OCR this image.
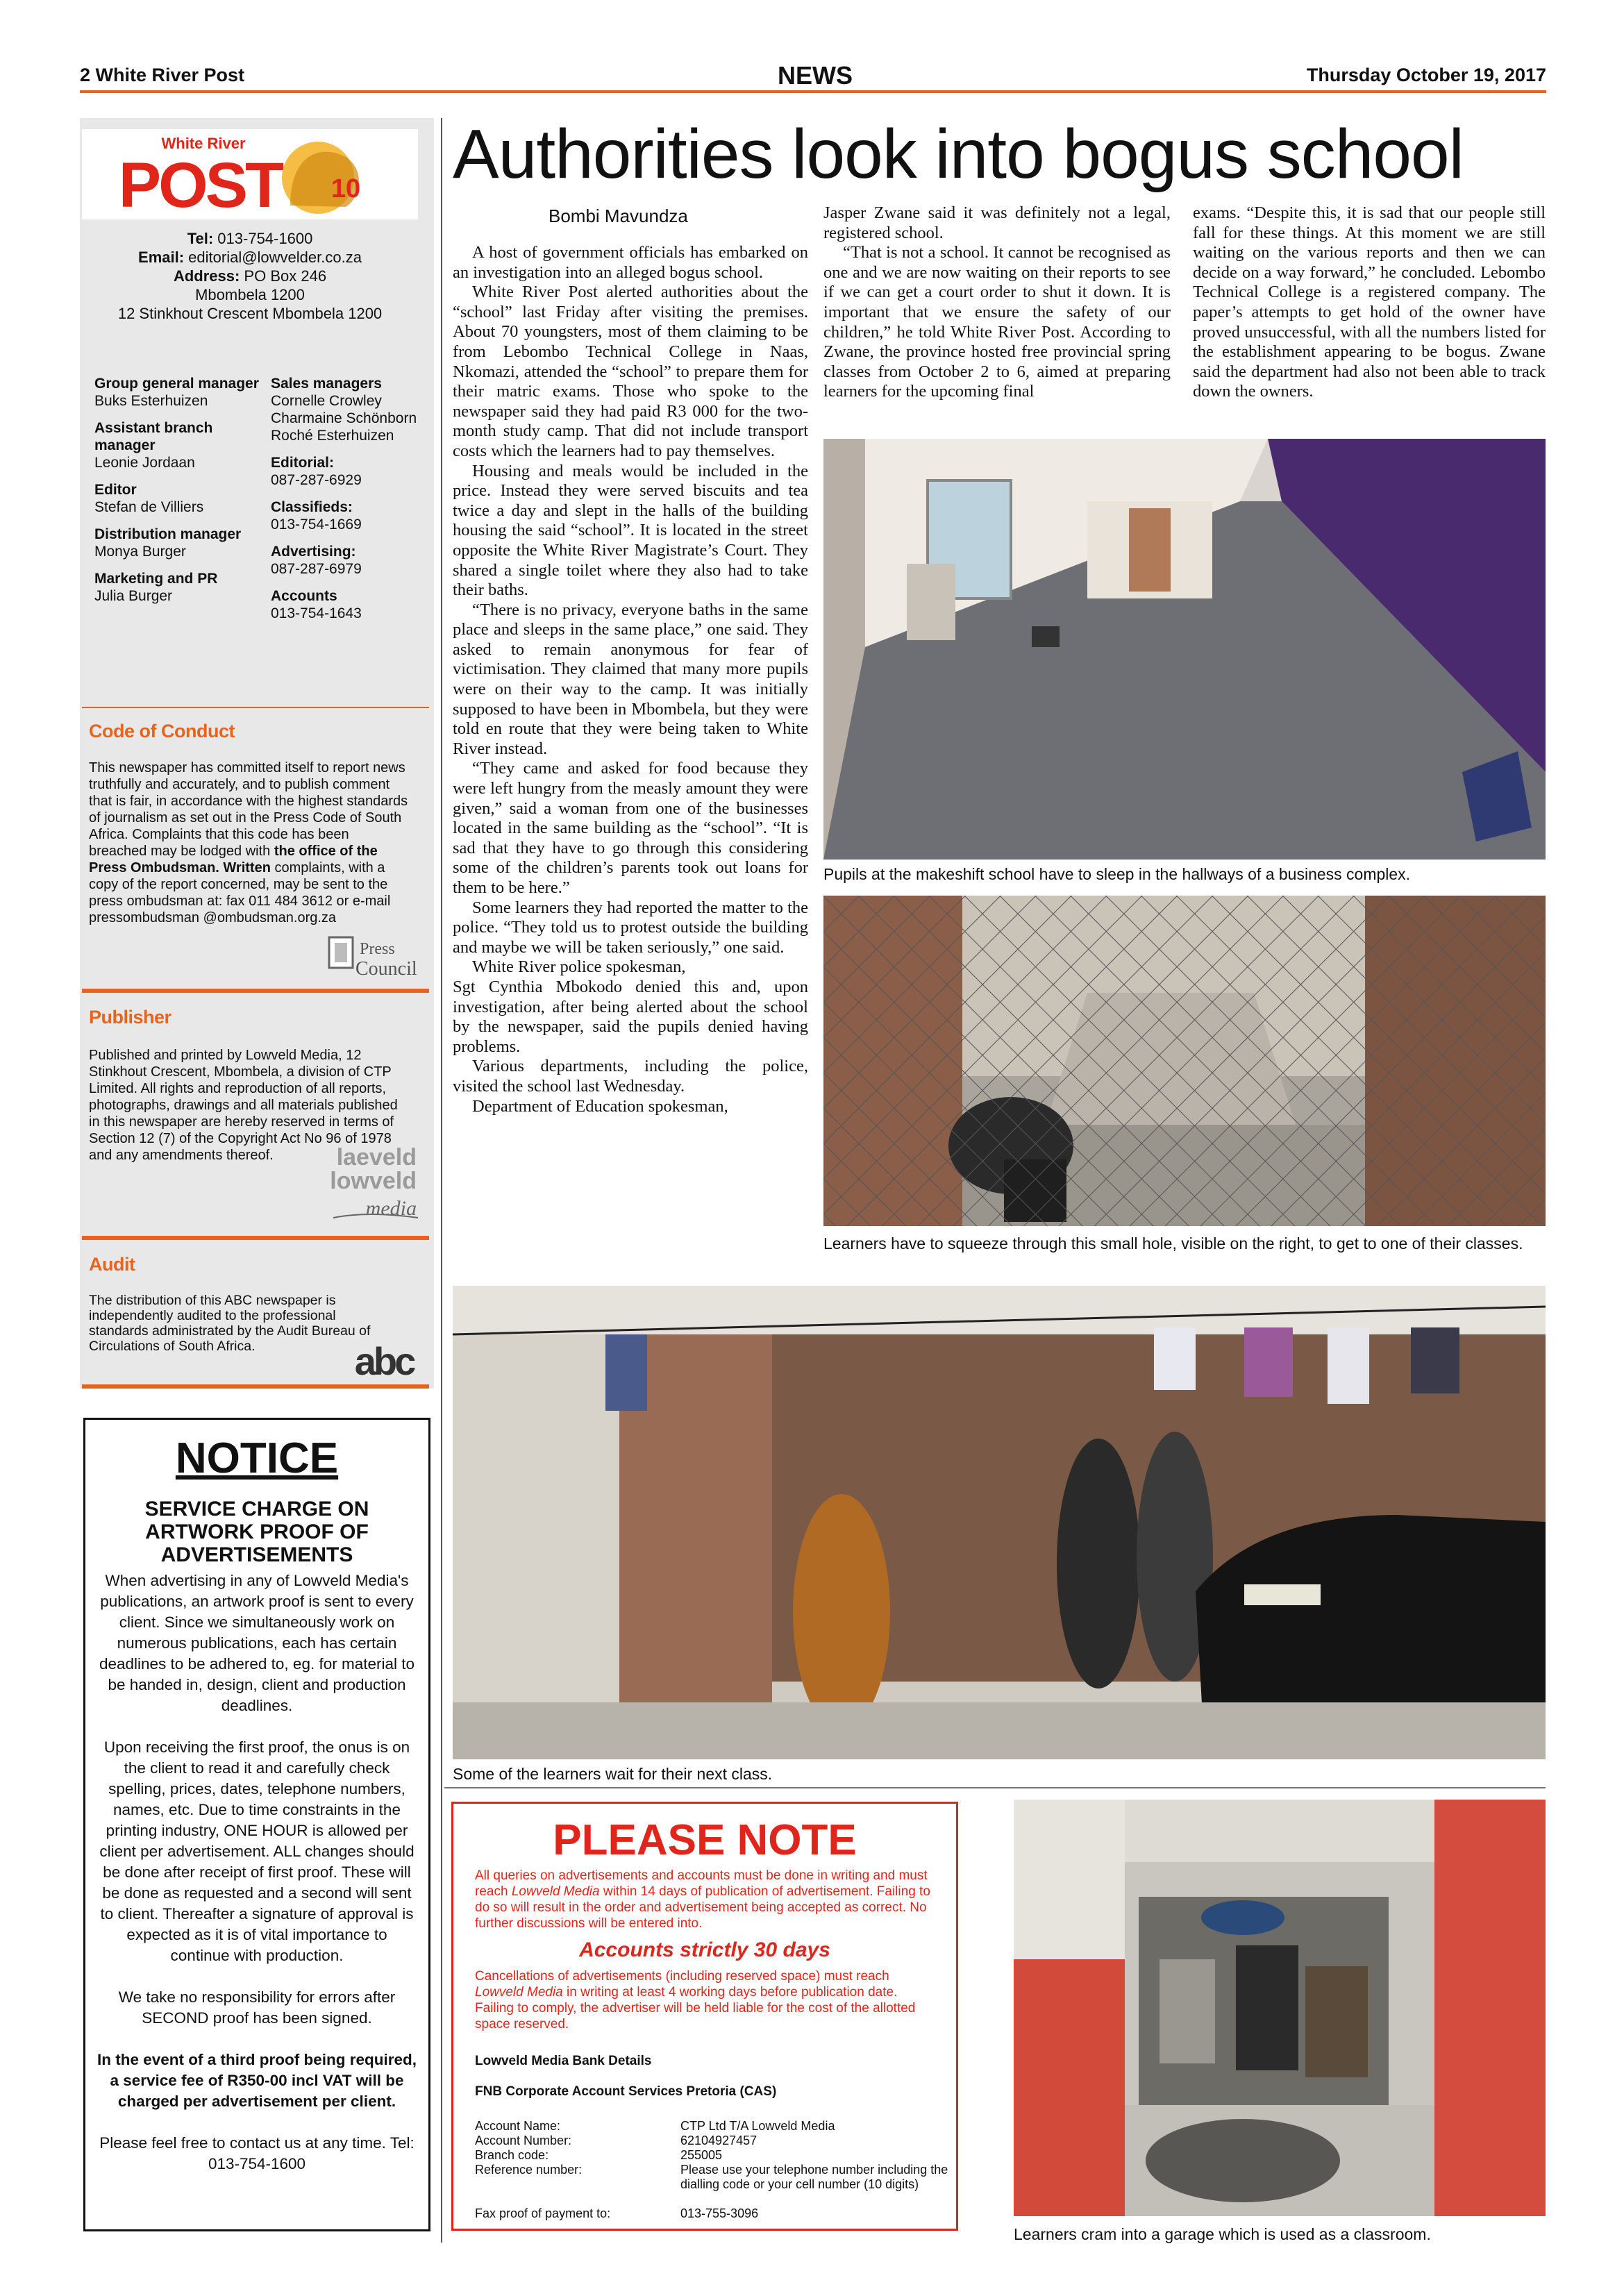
2 White River Post	NEWS	Thursday October 19, 2017
White River
POST 10
Tel: 013-754-1600
Email: editorial@lowvelder.co.za
Address: PO Box 246
Mbombela 1200
12 Stinkhout Crescent Mbombela 1200
Group general manager
Buks Esterhuizen
Assistant branch manager
Leonie Jordaan
Editor
Stefan de Villiers
Distribution manager
Monya Burger
Marketing and PR
Julia Burger
Sales managers
Cornelle Crowley
Charmaine Schönborn
Roché Esterhuizen
Editorial:
087-287-6929
Classifieds:
013-754-1669
Advertising:
087-287-6979
Accounts
013-754-1643
Code of Conduct
This newspaper has committed itself to report news truthfully and accurately, and to publish comment that is fair, in accordance with the highest standards of journalism as set out in the Press Code of South Africa. Complaints that this code has been breached may be lodged with the office of the Press Ombudsman. Written complaints, with a copy of the report concerned, may be sent to the press ombudsman at: fax 011 484 3612 or e-mail pressombudsman @ombudsman.org.za
Press
Council
Publisher
Published and printed by Lowveld Media, 12 Stinkhout Crescent, Mbombela, a division of CTP Limited. All rights and reproduction of all reports, photographs, drawings and all materials published in this newspaper are hereby reserved in terms of Section 12 (7) of the Copyright Act No 96 of 1978 and any amendments thereof.	laeveld
lowveld
media
Audit
The distribution of this ABC newspaper is independently audited to the professional standards administrated by the Audit Bureau of Circulations of South Africa.	abc
NOTICE
SERVICE CHARGE ON ARTWORK PROOF OF ADVERTISEMENTS

When advertising in any of Lowveld Media's publications, an artwork proof is sent to every client. Since we simultaneously work on numerous publications, each has certain deadlines to be adhered to, eg. for material to be handed in, design, client and production deadlines.

Upon receiving the first proof, the onus is on the client to read it and carefully check spelling, prices, dates, telephone numbers, names, etc. Due to time constraints in the printing industry, ONE HOUR is allowed per client per advertisement. ALL changes should be done after receipt of first proof. These will be done as requested and a second will sent to client. Thereafter a signature of approval is expected as it is of vital importance to continue with production.

We take no responsibility for errors after SECOND proof has been signed.

In the event of a third proof being required, a service fee of R350-00 incl VAT will be charged per advertisement per client.

Please feel free to contact us at any time. Tel: 013-754-1600

Authorities look into bogus school
Bombi Mavundza

A host of government officials has embarked on an investigation into an alleged bogus school.

White River Post alerted authorities about the “school” last Friday after visiting the premises. About 70 youngsters, most of them claiming to be from Lebombo Technical College in Naas, Nkomazi, attended the “school” to prepare them for their matric exams. Those who spoke to the newspaper said they had paid R3 000 for the two-month study camp. That did not include transport costs which the learners had to pay themselves.

Housing and meals would be included in the price. Instead they were served biscuits and tea twice a day and slept in the halls of the building housing the said “school”. It is located in the street opposite the White River Magistrate’s Court. They shared a single toilet where they also had to take their baths.

“There is no privacy, everyone baths in the same place and sleeps in the same place,” one said. They asked to remain anonymous for fear of victimisation. They claimed that many more pupils were on their way to the camp. It was initially supposed to have been in Mbombela, but they were told en route that they were being taken to White River instead.

“They came and asked for food because they were left hungry from the measly amount they were given,” said a woman from one of the businesses located in the same building as the “school”. “It is sad that they have to go through this considering some of the children’s parents took out loans for them to be here.”

Some learners they had reported the matter to the police. “They told us to protest outside the building and maybe we will be taken seriously,” one said.

White River police spokesman,

Sgt Cynthia Mbokodo denied this and, upon investigation, after being alerted about the school by the newspaper, said the pupils denied having problems.

Various departments, including the police, visited the school last Wednesday.

Department of Education spokesman,

Jasper Zwane said it was definitely not a legal, registered school.

“That is not a school. It cannot be recognised as one and we are now waiting on their reports to see if we can get a court order to shut it down. It is important that we ensure the safety of our children,” he told White River Post. According to Zwane, the province hosted free provincial spring classes from October 2 to 6, aimed at preparing learners for the upcoming final

exams. “Despite this, it is sad that our people still fall for these things. At this moment we are still waiting on the various reports and then we can decide on a way forward,” he concluded. Lebombo Technical College is a registered company. The paper’s attempts to get hold of the owner have proved unsuccessful, with all the numbers listed for the establishment appearing to be bogus. Zwane said the department had also not been able to track down the owners.

Pupils at the makeshift school have to sleep in the hallways of a business complex.
Learners have to squeeze through this small hole, visible on the right, to get to one of their classes.
Some of the learners wait for their next class.
PLEASE NOTE
All queries on advertisements and accounts must be done in writing and must reach Lowveld Media within 14 days of publication of advertisement. Failing to do so will result in the order and advertisement being accepted as correct. No further discussions will be entered into.
Accounts strictly 30 days
Cancellations of advertisements (including reserved space) must reach Lowveld Media in writing at least 4 working days before publication date. Failing to comply, the advertiser will be held liable for the cost of the allotted space reserved.
Lowveld Media Bank Details
FNB Corporate Account Services Pretoria (CAS)
Account Name:	CTP Ltd T/A Lowveld Media
Account Number:	62104927457
Branch code:	255005
Reference number:	Please use your telephone number including the dialling code or your cell number (10 digits)
Fax proof of payment to:	013-755-3096
Learners cram into a garage which is used as a classroom.
